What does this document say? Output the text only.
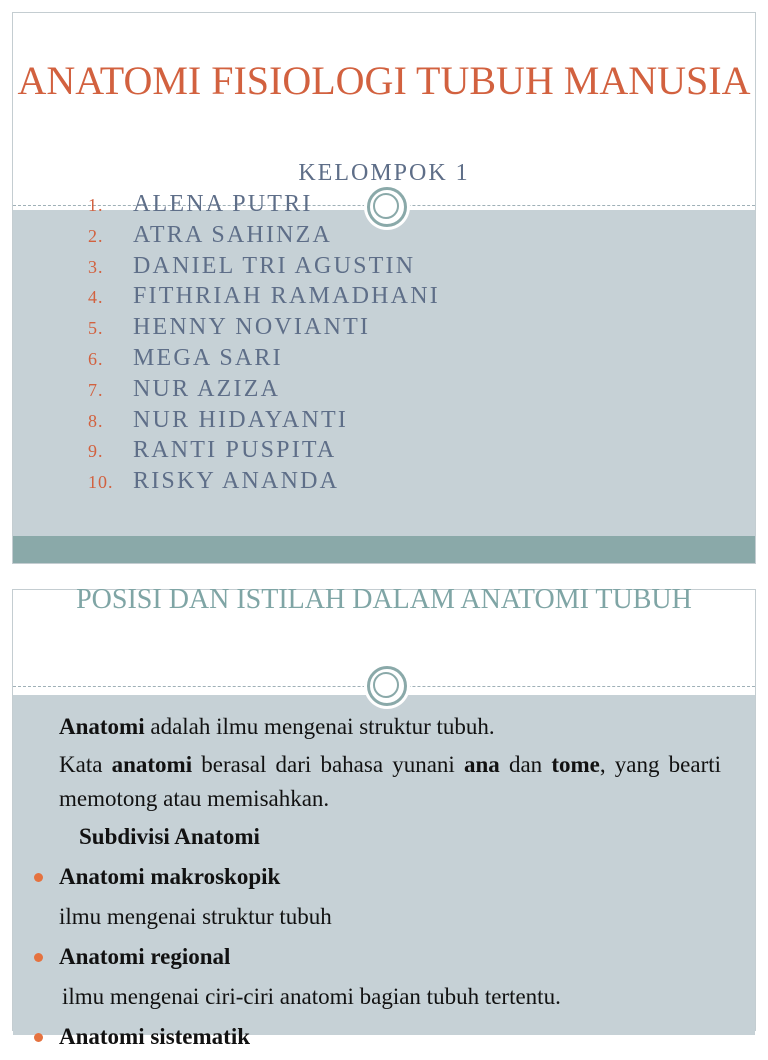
ANATOMI FISIOLOGI TUBUH MANUSIA
KELOMPOK 1
1.	ALENA PUTRI
2.	ATRA SAHINZA
3.	DANIEL TRI AGUSTIN
4.	FITHRIAH RAMADHANI
5.	HENNY NOVIANTI
6.	MEGA SARI
7.	NUR AZIZA
8.	NUR HIDAYANTI
9.	RANTI PUSPITA
10. RISKY ANANDA
POSISI DAN ISTILAH DALAM ANATOMI TUBUH

Anatomi adalah ilmu mengenai struktur tubuh.

Kata anatomi berasal dari bahasa yunani ana dan tome, yang bearti memotong atau memisahkan.

Subdivisi Anatomi
Anatomi makroskopik
ilmu mengenai struktur tubuh
Anatomi regional
ilmu mengenai ciri-ciri anatomi bagian tubuh tertentu.
Anatomi sistematik
